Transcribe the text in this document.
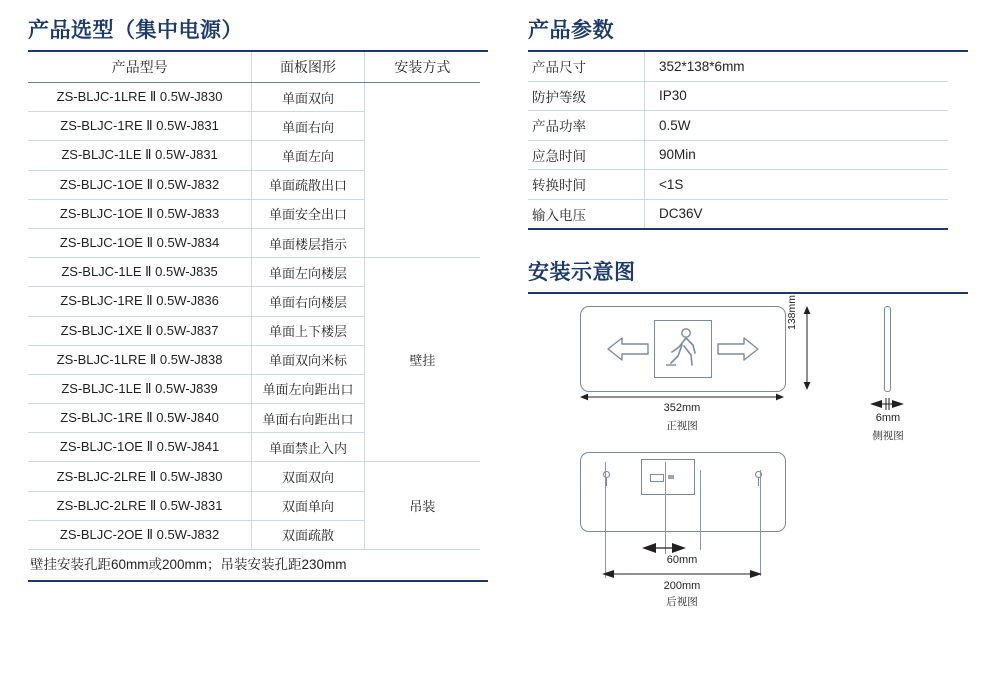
产品选型（集中电源）
产品型号	面板图形	安装方式
ZS-BLJC-1LRE Ⅱ 0.5W-J830	单面双向	
ZS-BLJC-1RE Ⅱ 0.5W-J831	单面右向	
ZS-BLJC-1LE Ⅱ 0.5W-J831	单面左向	
ZS-BLJC-1OE Ⅱ 0.5W-J832	单面疏散出口	
ZS-BLJC-1OE Ⅱ 0.5W-J833	单面安全出口	
ZS-BLJC-1OE Ⅱ 0.5W-J834	单面楼层指示	
ZS-BLJC-1LE Ⅱ 0.5W-J835	单面左向楼层	壁挂
ZS-BLJC-1RE Ⅱ 0.5W-J836	单面右向楼层	
ZS-BLJC-1XE Ⅱ 0.5W-J837	单面上下楼层	
ZS-BLJC-1LRE Ⅱ 0.5W-J838	单面双向米标	
ZS-BLJC-1LE Ⅱ 0.5W-J839	单面左向距出口	
ZS-BLJC-1RE Ⅱ 0.5W-J840	单面右向距出口	
ZS-BLJC-1OE Ⅱ 0.5W-J841	单面禁止入内	
ZS-BLJC-2LRE Ⅱ 0.5W-J830	双面双向	吊装
ZS-BLJC-2LRE Ⅱ 0.5W-J831	双面单向	
ZS-BLJC-2OE Ⅱ 0.5W-J832	双面疏散	
壁挂安装孔距60mm或200mm；吊装安装孔距230mm
产品参数
产品尺寸	352*138*6mm
防护等级	IP30
产品功率	0.5W
应急时间	90Min
转换时间	<1S
输入电压	DC36V
安装示意图
352mm
正视图
138mm
6mm
侧视图
60mm
200mm
后视图
